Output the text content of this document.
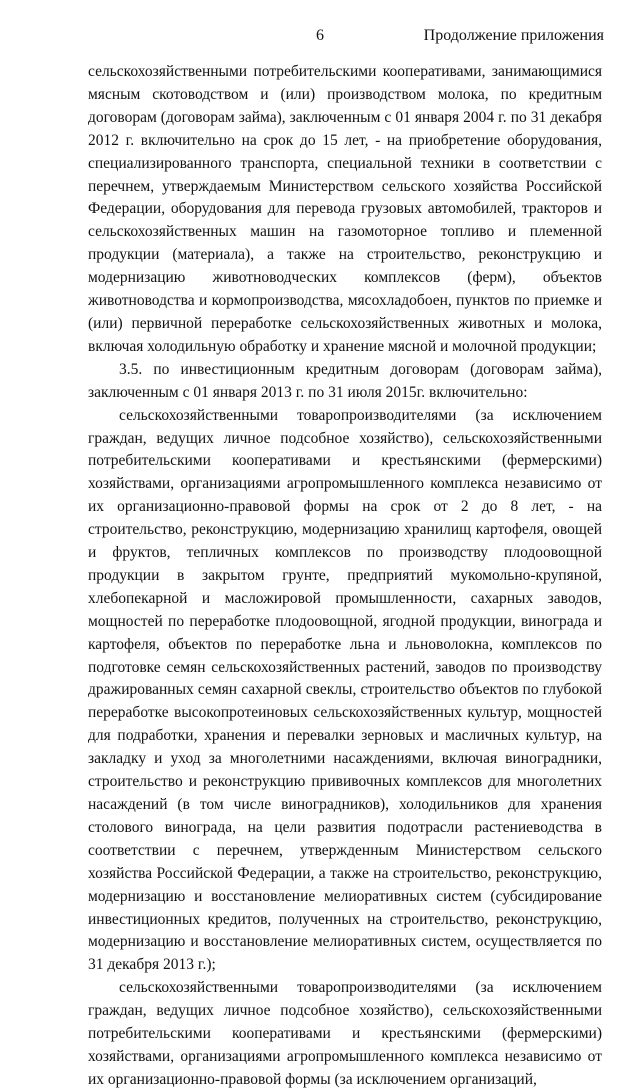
6	Продолжение приложения

сельскохозяйственными потребительскими кооперативами, занимающимися мясным скотоводством и (или) производством молока, по кредитным договорам (договорам займа), заключенным с 01 января 2004 г. по 31 декабря 2012 г. включительно на срок до 15 лет, - на приобретение оборудования, специализированного транспорта, специальной техники в соответствии с перечнем, утверждаемым Министерством сельского хозяйства Российской Федерации, оборудования для перевода грузовых автомобилей, тракторов и сельскохозяйственных машин на газомоторное топливо и племенной продукции (материала), а также на строительство, реконструкцию и модернизацию животноводческих комплексов (ферм), объектов животноводства и кормопроизводства, мясохладобоен, пунктов по приемке и (или) первичной переработке сельскохозяйственных животных и молока, включая холодильную обработку и хранение мясной и молочной продукции;

3.5. по инвестиционным кредитным договорам (договорам займа), заключенным с 01 января 2013 г. по 31 июля 2015г. включительно:

сельскохозяйственными товаропроизводителями (за исключением граждан, ведущих личное подсобное хозяйство), сельскохозяйственными потребительскими кооперативами и крестьянскими (фермерскими) хозяйствами, организациями агропромышленного комплекса независимо от их организационно-правовой формы на срок от 2 до 8 лет, - на строительство, реконструкцию, модернизацию хранилищ картофеля, овощей и фруктов, тепличных комплексов по производству плодоовощной продукции в закрытом грунте, предприятий мукомольно-крупяной, хлебопекарной и масложировой промышленности, сахарных заводов, мощностей по переработке плодоовощной, ягодной продукции, винограда и картофеля, объектов по переработке льна и льноволокна, комплексов по подготовке семян сельскохозяйственных растений, заводов по производству дражированных семян сахарной свеклы, строительство объектов по глубокой переработке высокопротеиновых сельскохозяйственных культур, мощностей для подработки, хранения и перевалки зерновых и масличных культур, на закладку и уход за многолетними насаждениями, включая виноградники, строительство и реконструкцию прививочных комплексов для многолетних насаждений (в том числе виноградников), холодильников для хранения столового винограда, на цели развития подотрасли растениеводства в соответствии с перечнем, утвержденным Министерством сельского хозяйства Российской Федерации, а также на строительство, реконструкцию, модернизацию и восстановление мелиоративных систем (субсидирование инвестиционных кредитов, полученных на строительство, реконструкцию, модернизацию и восстановление мелиоративных систем, осуществляется по 31 декабря 2013 г.);

сельскохозяйственными товаропроизводителями (за исключением граждан, ведущих личное подсобное хозяйство), сельскохозяйственными потребительскими кооперативами и крестьянскими (фермерскими) хозяйствами, организациями агропромышленного комплекса независимо от их организационно-правовой формы (за исключением организаций,
